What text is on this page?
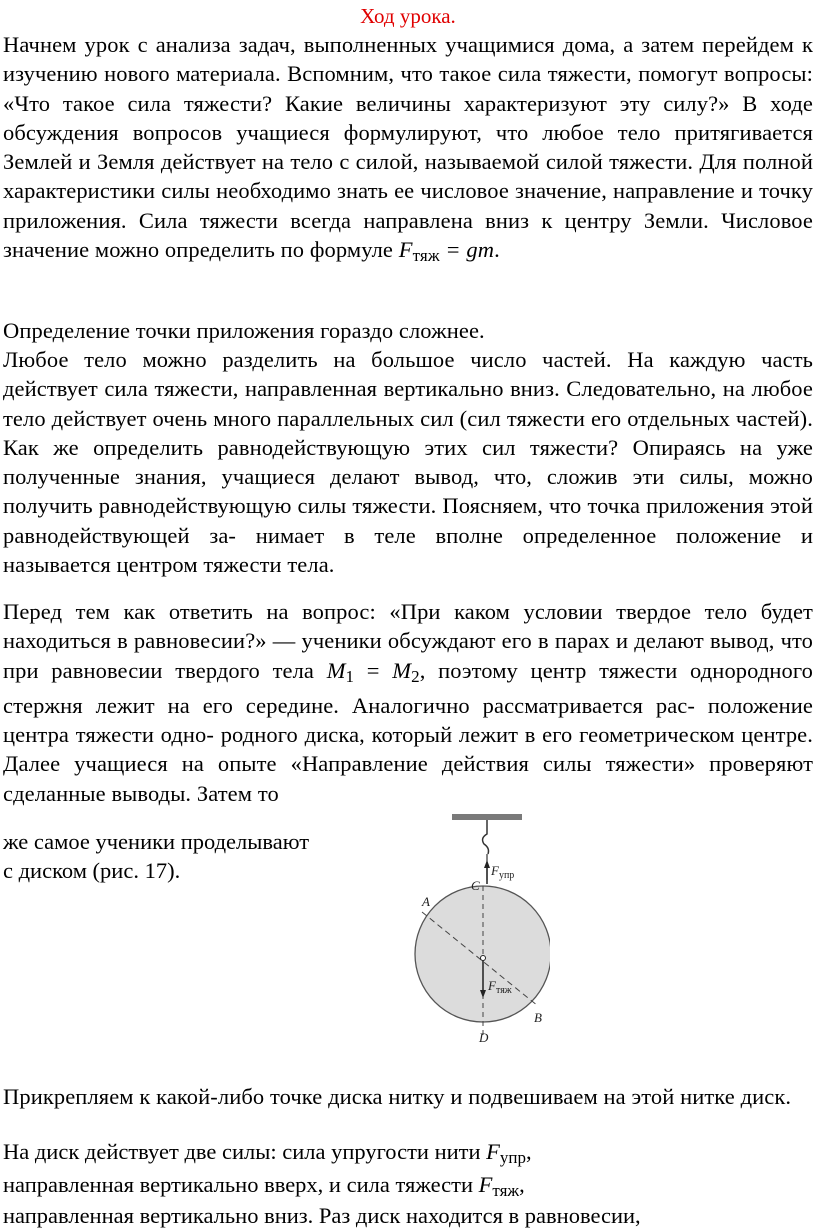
Ход урока.
Начнем урок с анализа задач, выполненных учащимися дома, а затем перейдем к изучению нового материала. Вспомним, что такое сила тяжести, помогут вопросы: «Что такое сила тяжести? Какие величины характеризуют эту силу?» В ходе обсуждения вопросов учащиеся формулируют, что любое тело притягивается Землей и Земля действует на тело с силой, называемой силой тяжести. Для полной характеристики силы необходимо знать ее числовое значение, направление и точку приложения. Сила тяжести всегда направлена вниз к центру Земли. Числовое значение можно определить по формуле $F_{тяж}$ = gm.
Определение точки приложения гораздо сложнее.
Любое тело можно разделить на большое число частей. На каждую часть действует сила тяжести, направленная вертикально вниз. Следовательно, на любое тело действует очень много параллельных сил (сил тяжести его отдельных частей). Как же определить равнодействующую этих сил тяжести? Опираясь на уже полученные знания, учащиеся делают вывод, что, сложив эти силы, можно получить равнодействующую силы тяжести. Поясняем, что точка приложения этой равнодействующей за- нимает в теле вполне определенное положение и называется центром тяжести тела.
Перед тем как ответить на вопрос: «При каком условии твердое тело будет находиться в равновесии?» — ученики обсуждают его в парах и делают вывод, что при равновесии твердого тела $M_1 = M_2$, поэтому центр тяжести однородного стержня лежит на его середине. Аналогично рассматривается рас- положение центра тяжести одно- родного диска, который лежит в его геометрическом центре. Далее учащиеся на опыте «Направление действия силы тяжести» проверяют сделанные выводы. Затем то
же самое ученики проделывают
с диском (рис. 17).	$F_{упр}$
C
A
$F_{тяж}$
B
D
Прикрепляем к какой-либо точке диска нитку и подвешиваем на этой нитке диск.
На диск действует две силы: сила упругости нити $F_{упр}$,
направленная вертикально вверх, и сила тяжести $F_{тяж}$,
направленная вертикально вниз. Раз диск находится в равновесии,
